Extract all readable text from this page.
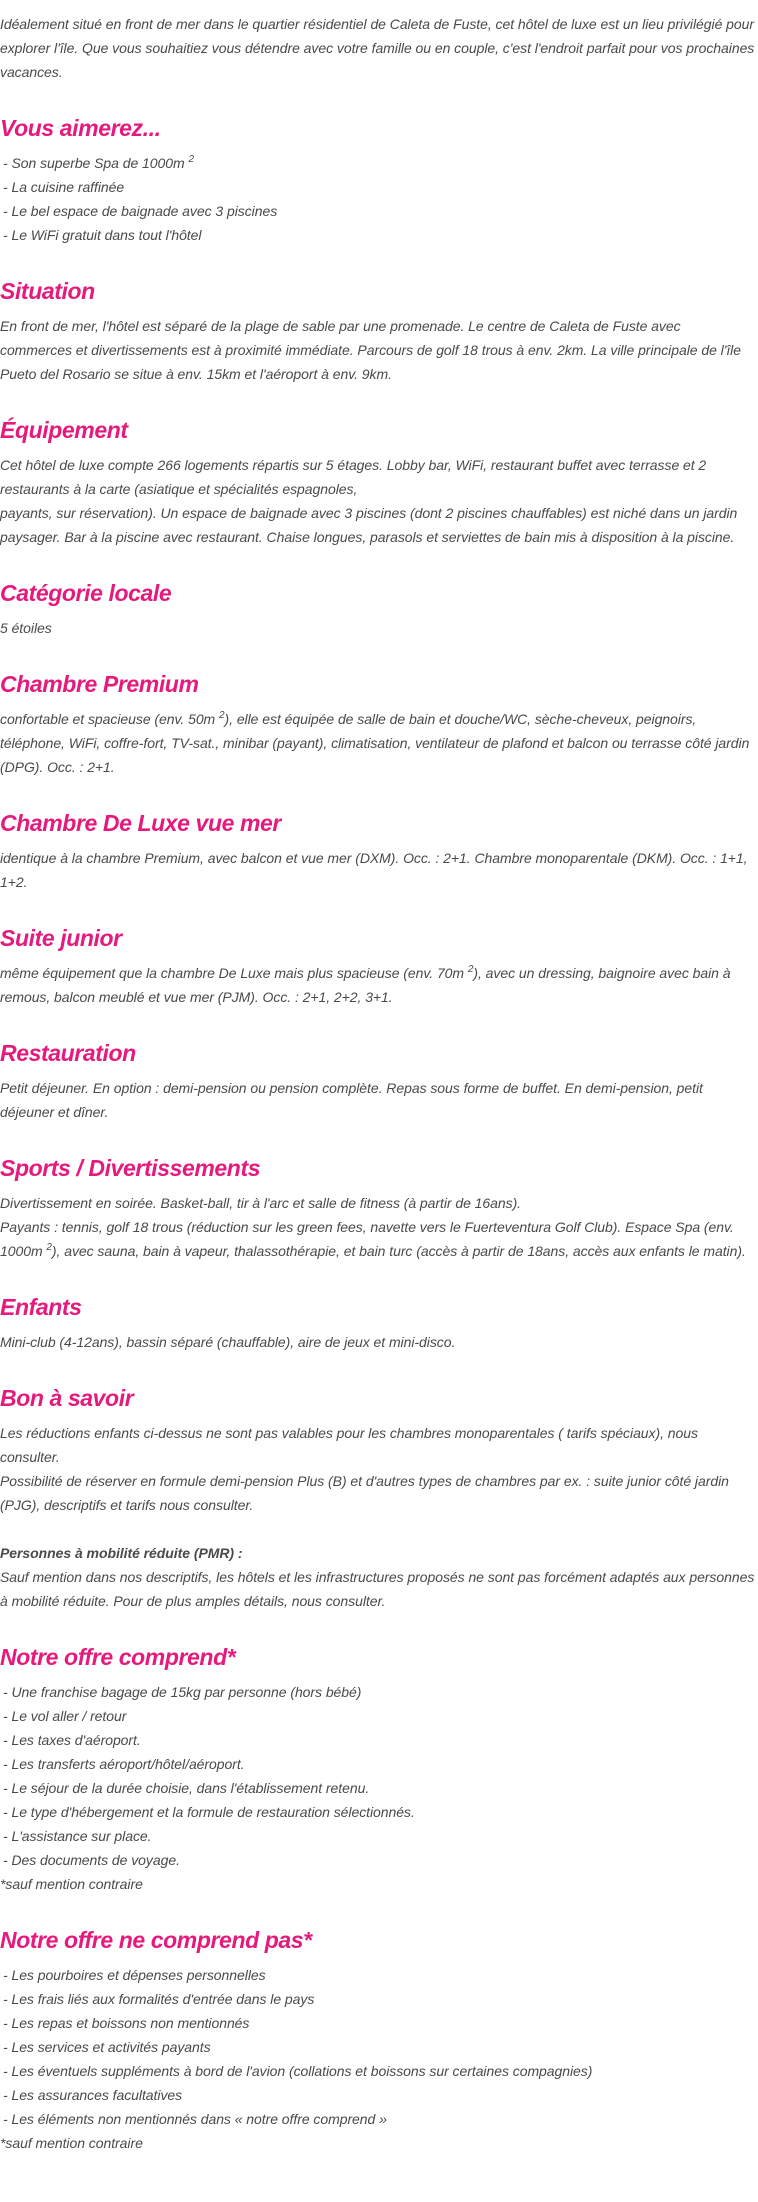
Idéalement situé en front de mer dans le quartier résidentiel de Caleta de Fuste, cet hôtel de luxe est un lieu privilégié pour explorer l'île. Que vous souhaitiez vous détendre avec votre famille ou en couple, c'est l'endroit parfait pour vos prochaines vacances.

Vous aimerez...
- Son superbe Spa de 1000m $^2$
- La cuisine raffinée
- Le bel espace de baignade avec 3 piscines
- Le WiFi gratuit dans tout l'hôtel
Situation

En front de mer, l'hôtel est séparé de la plage de sable par une promenade. Le centre de Caleta de Fuste avec commerces et divertissements est à proximité immédiate. Parcours de golf 18 trous à env. 2km. La ville principale de l'île Pueto del Rosario se situe à env. 15km et l'aéroport à env. 9km.

Équipement

Cet hôtel de luxe compte 266 logements répartis sur 5 étages. Lobby bar, WiFi, restaurant buffet avec terrasse et 2 restaurants à la carte (asiatique et spécialités espagnoles,

payants, sur réservation). Un espace de baignade avec 3 piscines (dont 2 piscines chauffables) est niché dans un jardin paysager. Bar à la piscine avec restaurant. Chaise longues, parasols et serviettes de bain mis à disposition à la piscine.

Catégorie locale

5 étoiles

Chambre Premium

confortable et spacieuse (env. 50m $^2$), elle est équipée de salle de bain et douche/WC, sèche-cheveux, peignoirs, téléphone, WiFi, coffre-fort, TV-sat., minibar (payant), climatisation, ventilateur de plafond et balcon ou terrasse côté jardin (DPG). Occ. : 2+1.

Chambre De Luxe vue mer

identique à la chambre Premium, avec balcon et vue mer (DXM). Occ. : 2+1. Chambre monoparentale (DKM). Occ. : 1+1, 1+2.

Suite junior

même équipement que la chambre De Luxe mais plus spacieuse (env. 70m $^2$), avec un dressing, baignoire avec bain à remous, balcon meublé et vue mer (PJM). Occ. : 2+1, 2+2, 3+1.

Restauration

Petit déjeuner. En option : demi-pension ou pension complète. Repas sous forme de buffet. En demi-pension, petit déjeuner et dîner.

Sports / Divertissements

Divertissement en soirée. Basket-ball, tir à l'arc et salle de fitness (à partir de 16ans).

Payants : tennis, golf 18 trous (réduction sur les green fees, navette vers le Fuerteventura Golf Club). Espace Spa (env. 1000m $^2$), avec sauna, bain à vapeur, thalassothérapie, et bain turc (accès à partir de 18ans, accès aux enfants le matin).

Enfants

Mini-club (4-12ans), bassin séparé (chauffable), aire de jeux et mini-disco.

Bon à savoir

Les réductions enfants ci-dessus ne sont pas valables pour les chambres monoparentales ( tarifs spéciaux), nous consulter.

Possibilité de réserver en formule demi-pension Plus (B) et d'autres types de chambres par ex. : suite junior côté jardin (PJG), descriptifs et tarifs nous consulter.

Personnes à mobilité réduite (PMR) :

Sauf mention dans nos descriptifs, les hôtels et les infrastructures proposés ne sont pas forcément adaptés aux personnes à mobilité réduite. Pour de plus amples détails, nous consulter.

Notre offre comprend*
- Une franchise bagage de 15kg par personne (hors bébé)
- Le vol aller / retour
- Les taxes d'aéroport.
- Les transferts aéroport/hôtel/aéroport.
- Le séjour de la durée choisie, dans l'établissement retenu.
- Le type d'hébergement et la formule de restauration sélectionnés.
- L'assistance sur place.
- Des documents de voyage.

*sauf mention contraire

Notre offre ne comprend pas*
- Les pourboires et dépenses personnelles
- Les frais liés aux formalités d'entrée dans le pays
- Les repas et boissons non mentionnés
- Les services et activités payants
- Les éventuels suppléments à bord de l'avion (collations et boissons sur certaines compagnies)
- Les assurances facultatives
- Les éléments non mentionnés dans « notre offre comprend »

*sauf mention contraire
